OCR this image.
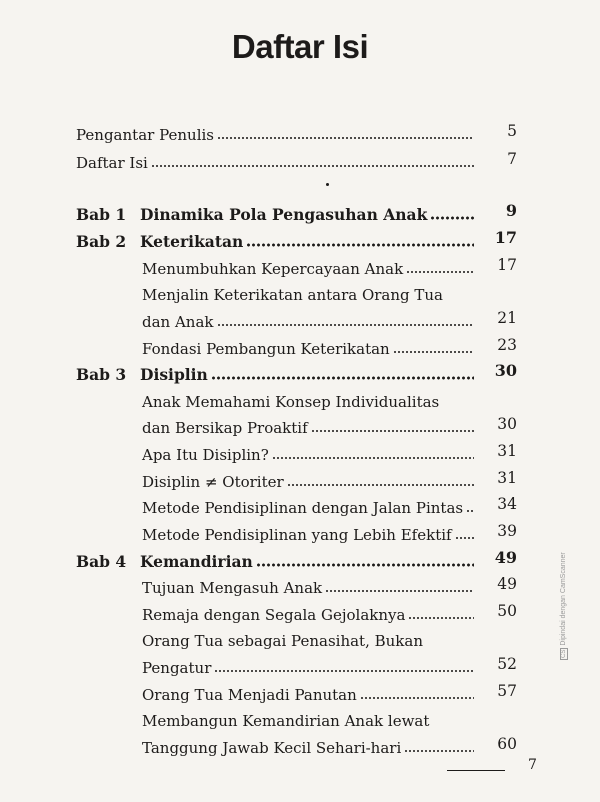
Daftar Isi
Pengantar Penulis	5
Daftar Isi	7
Bab 1 Dinamika Pola Pengasuhan Anak	9
Bab 2 Keterikatan	17
Menumbuhkan Kepercayaan Anak	17
Menjalin Keterikatan antara Orang Tua
dan Anak	21
Fondasi Pembangun Keterikatan	23
Bab 3 Disiplin	30
Anak Memahami Konsep Individualitas
dan Bersikap Proaktif	30
Apa Itu Disiplin?	31
Disiplin ≠ Otoriter	31
Metode Pendisiplinan dengan Jalan Pintas 34
Metode Pendisiplinan yang Lebih Efektif	39
Bab 4 Kemandirian	49
Tujuan Mengasuh Anak	49
Remaja dengan Segala Gejolaknya	50
Orang Tua sebagai Penasihat, Bukan
Pengatur	52
Orang Tua Menjadi Panutan	57
Membangun Kemandirian Anak lewat
Tanggung Jawab Kecil Sehari-hari	60
7
CSDipindai dengan CamScanner
